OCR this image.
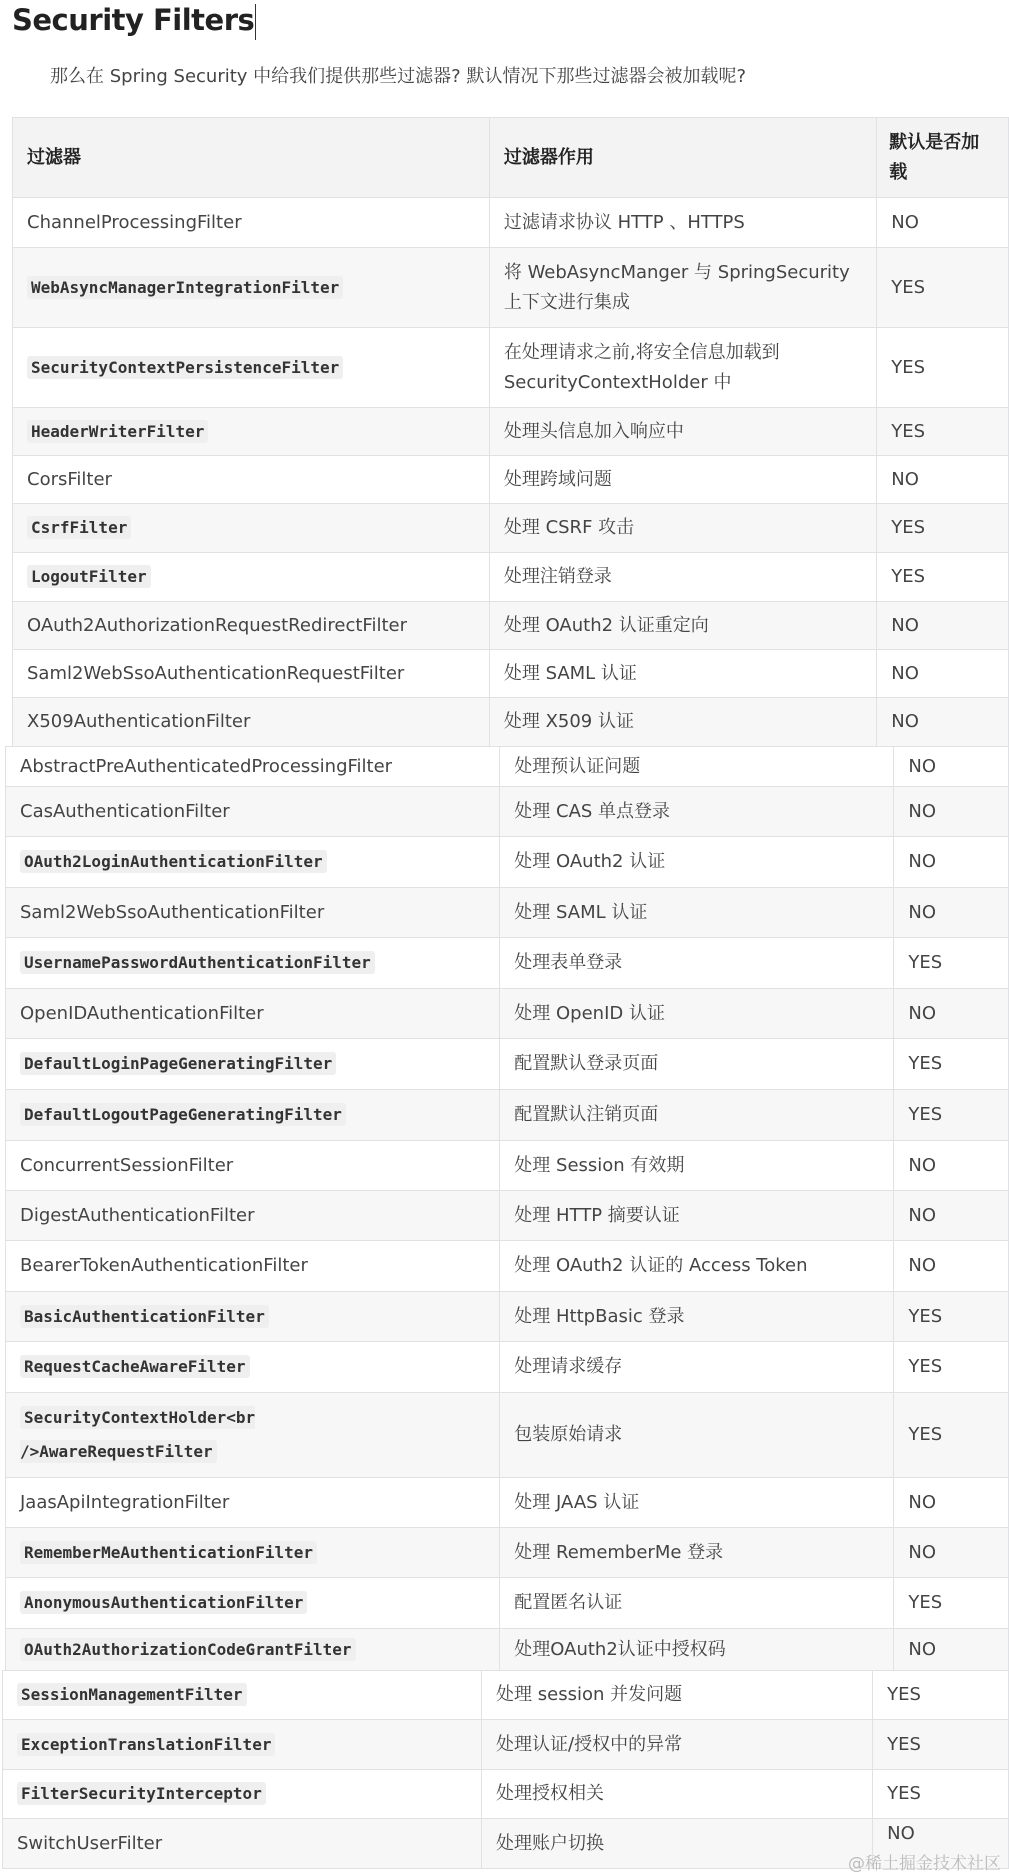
Security Filters
那么在 Spring Security 中给我们提供那些过滤器? 默认情况下那些过滤器会被加载呢?
过滤器	过滤器作用	默认是否加载
ChannelProcessingFilter	过滤请求协议 HTTP 、HTTPS	NO
WebAsyncManagerIntegrationFilter	将 WebAsyncManger 与 SpringSecurity 上下文进行集成	YES
SecurityContextPersistenceFilter	在处理请求之前,将安全信息加载到 SecurityContextHolder 中	YES
HeaderWriterFilter	处理头信息加入响应中	YES
CorsFilter	处理跨域问题	NO
CsrfFilter	处理 CSRF 攻击	YES
LogoutFilter	处理注销登录	YES
OAuth2AuthorizationRequestRedirectFilter	处理 OAuth2 认证重定向	NO
Saml2WebSsoAuthenticationRequestFilter	处理 SAML 认证	NO
X509AuthenticationFilter	处理 X509 认证	NO
AbstractPreAuthenticatedProcessingFilter	处理预认证问题	NO
CasAuthenticationFilter	处理 CAS 单点登录	NO
OAuth2LoginAuthenticationFilter	处理 OAuth2 认证	NO
Saml2WebSsoAuthenticationFilter	处理 SAML 认证	NO
UsernamePasswordAuthenticationFilter	处理表单登录	YES
OpenIDAuthenticationFilter	处理 OpenID 认证	NO
DefaultLoginPageGeneratingFilter	配置默认登录页面	YES
DefaultLogoutPageGeneratingFilter	配置默认注销页面	YES
ConcurrentSessionFilter	处理 Session 有效期	NO
DigestAuthenticationFilter	处理 HTTP 摘要认证	NO
BearerTokenAuthenticationFilter	处理 OAuth2 认证的 Access Token	NO
BasicAuthenticationFilter	处理 HttpBasic 登录	YES
RequestCacheAwareFilter	处理请求缓存	YES
SecurityContextHolder<br
/>AwareRequestFilter	包装原始请求	YES
JaasApiIntegrationFilter	处理 JAAS 认证	NO
RememberMeAuthenticationFilter	处理 RememberMe 登录	NO
AnonymousAuthenticationFilter	配置匿名认证	YES
OAuth2AuthorizationCodeGrantFilter	处理OAuth2认证中授权码	NO
SessionManagementFilter	处理 session 并发问题	YES
ExceptionTranslationFilter	处理认证/授权中的异常	YES
FilterSecurityInterceptor	处理授权相关	YES
SwitchUserFilter	处理账户切换	NO
@稀土掘金技术社区
